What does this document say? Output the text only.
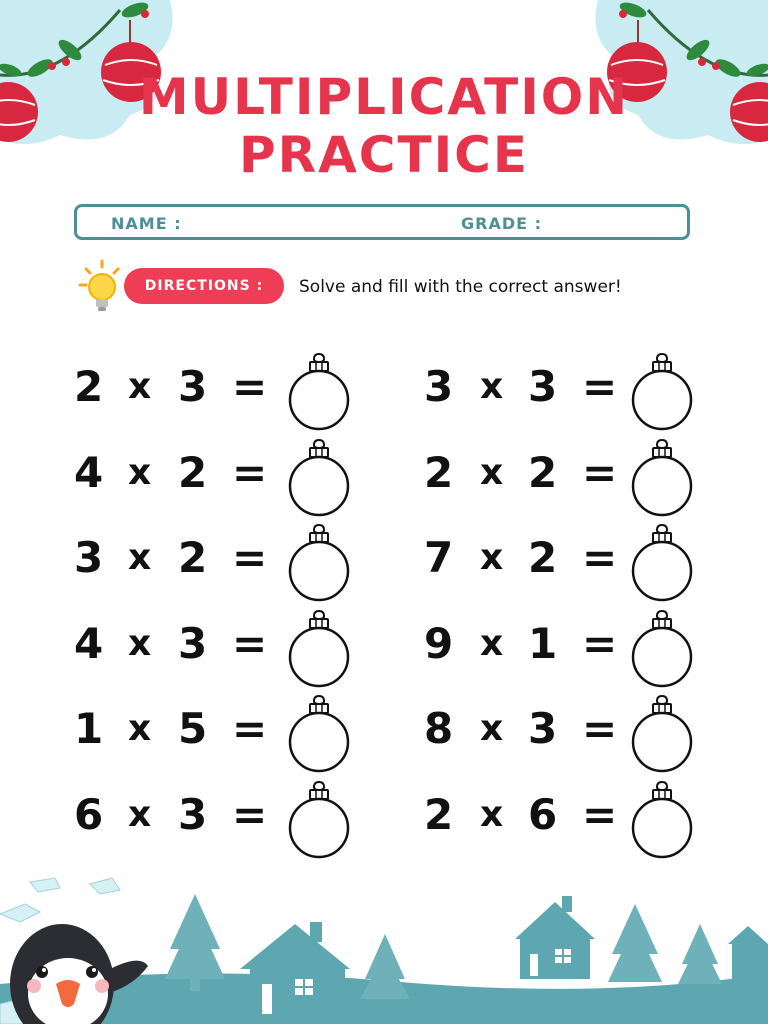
MULTIPLICATION
PRACTICE
NAME :	GRADE :
DIRECTIONS :	Solve and fill with the correct answer!
2 x 3 =
4 x 2 =
3 x 2 =
4 x 3 =
1 x 5 =
6 x 3 =
3 x 3 =
2 x 2 =
7 x 2 =
9 x 1 =
8 x 3 =
2 x 6 =
